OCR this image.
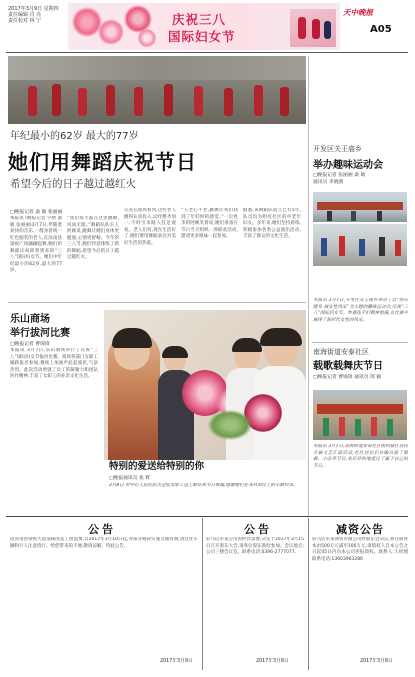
2017年3月9日 星期四
责任编辑 肖 亮
责任校对 林 宁	庆祝三八
国际妇女节
天中晚报
A05
年纪最小的62岁 最大的77岁
她们用舞蹈庆祝节日
希望今后的日子越过越红火
□晚报记者 桑 敏 张丽丽
本报讯 (晚报记者 宇婧 桑敏 张丽丽)3月7日,伴随着欢快的音乐,一群身着统一红色服装的老人,在汝南县梁祝广场翩翩起舞,她们用舞蹈庆祝即将到来的“三八”国际妇女节。她们中年纪最小的62岁,最大的77岁。
“我们每天都在这里跳舞,风雨无阻。”舞蹈队队长王阿姨说,跳舞让她们身体更健康,心情更舒畅。今年的三八节,她们特意排练了新的舞蹈,希望今后的日子越过越红火。
记者在现场看到,这些老人跳得认真投入,动作整齐划一,不时引来路人驻足观看。老人们说,现在生活好了,她们要用舞蹈表达对美好生活的热爱。
“人老心不老,跳舞让我们找到了年轻时的感觉。”一位姓李的阿姨笑着说,她们准备在节日当天组织一场联欢活动,邀请更多姐妹一起参加。
据悉,该舞蹈队成立已有5年,队员均为附近社区的中老年妇女。多年来,她们坚持晨练,积极参加各类公益演出活动,丰富了群众的文化生活。
开发区关王庙乡
举办趣味运动会
□晚报记者 张丽丽 桑 敏
通讯员 李晓燕
本报讯 3月7日,开发区关王庙乡举办了以“快乐健身 展女性风采”为主题的趣味运动会,庆祝“三八”国际妇女节。参赛选手们精神饱满,在比赛中展现了新时代女性的风采。
乐山商场
举行拔河比赛
□晚报记者 曹锦锋
本报讯 3月7日,乐山商场举行了庆祝“三八”国际妇女节拔河比赛。商场各部门女职工踊跃报名参加,赛场上加油声此起彼伏,气氛热烈。此次活动增强了员工的凝聚力和团队协作精神,丰富了女职工的业余文化生活。
特别的爱送给特别的你
□晚报通讯员 张 辉
3月8日,市中心人民医院为全院女职工送上鲜花和节日祝福,感谢她们在各自岗位上的辛勤付出。
南海街道安泰社区
载歌载舞庆节日
□晚报记者 曹锦锋 通讯员 郎 颖
本报讯 3月7日,南海街道安泰社区组织辖区居民开展文艺汇演活动,社区居民们自编自演了歌舞、小品等节目,欢乐祥和地度过了属于自己的节日。
公告
因汝南县梁祝大道道路改造工程需要,自2017年3月10日起,对部分路段实施交通管制,请过往车辆和行人注意绕行。给您带来的不便,敬请谅解。特此公告。
2017年3月9日
公告
驻马店市某公司因经营需要,决定于2017年3月15日召开股东大会,请各位股东准时参加。会议地点:公司三楼会议室。联系电话:0396-2777077。
2017年3月8日
减资公告
驻马店市某商贸有限公司经股东会决议,将注册资本由500万元减至100万元,请债权人自本公告之日起45日内向本公司申报债权。联系人:王经理 联系电话:13603963286
2017年3月8日
